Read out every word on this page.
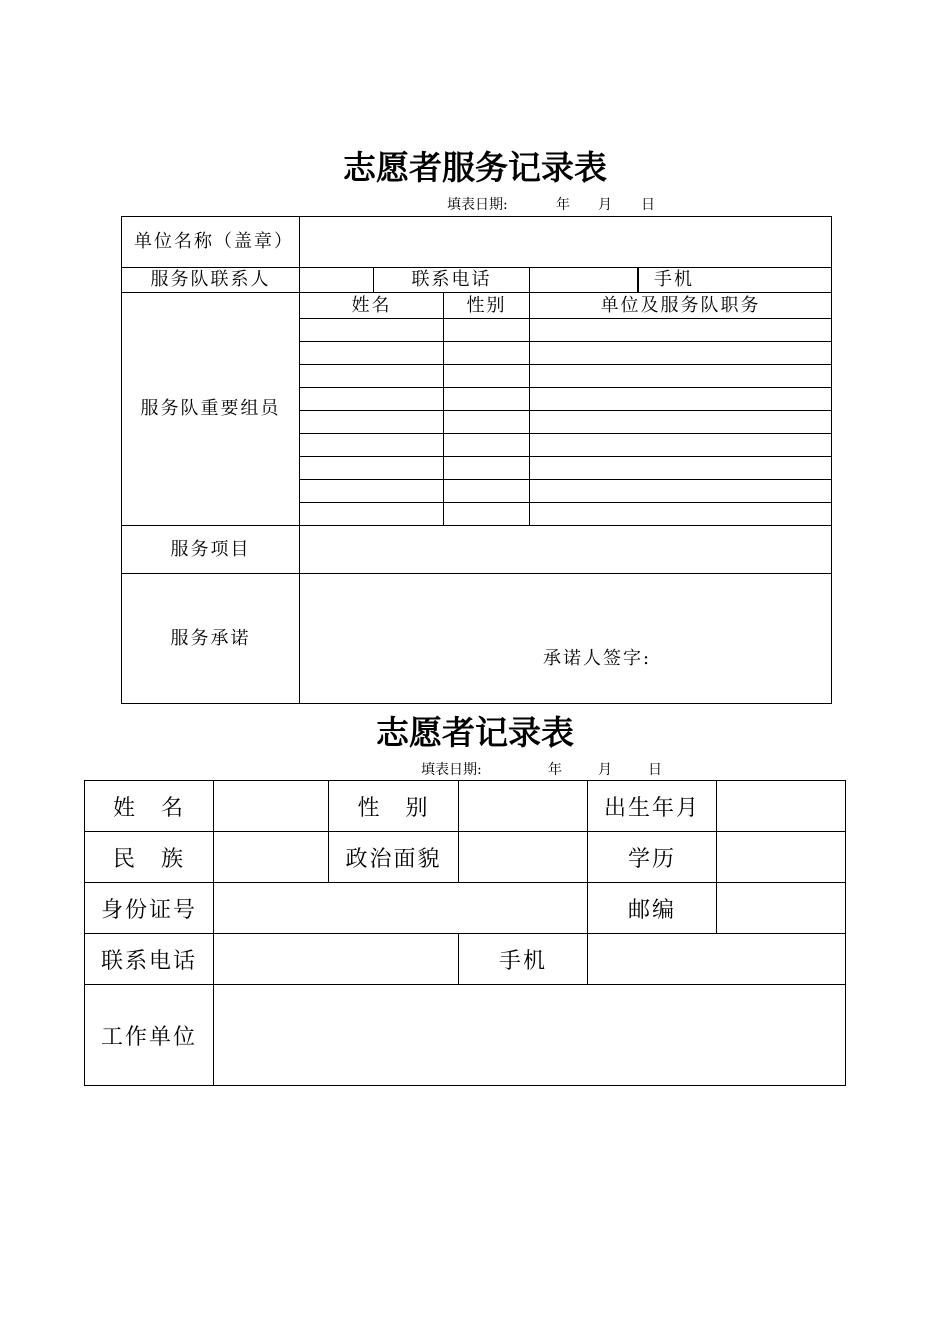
志愿者服务记录表

填表日期:

	年

月

日

单位名称（盖章）					
服务队联系人		联系电话		手机	

服务队重要组员	姓名		性别	单位及服务队职务	

服务项目					
服务承诺	承诺人签字:				
志愿者记录表

填表日期:

	年

	月

	日

姓　名		性　别		出生年月	
民　族		政治面貌		学历	
身份证号				邮编	
联系电话			手机		
工作单位					
